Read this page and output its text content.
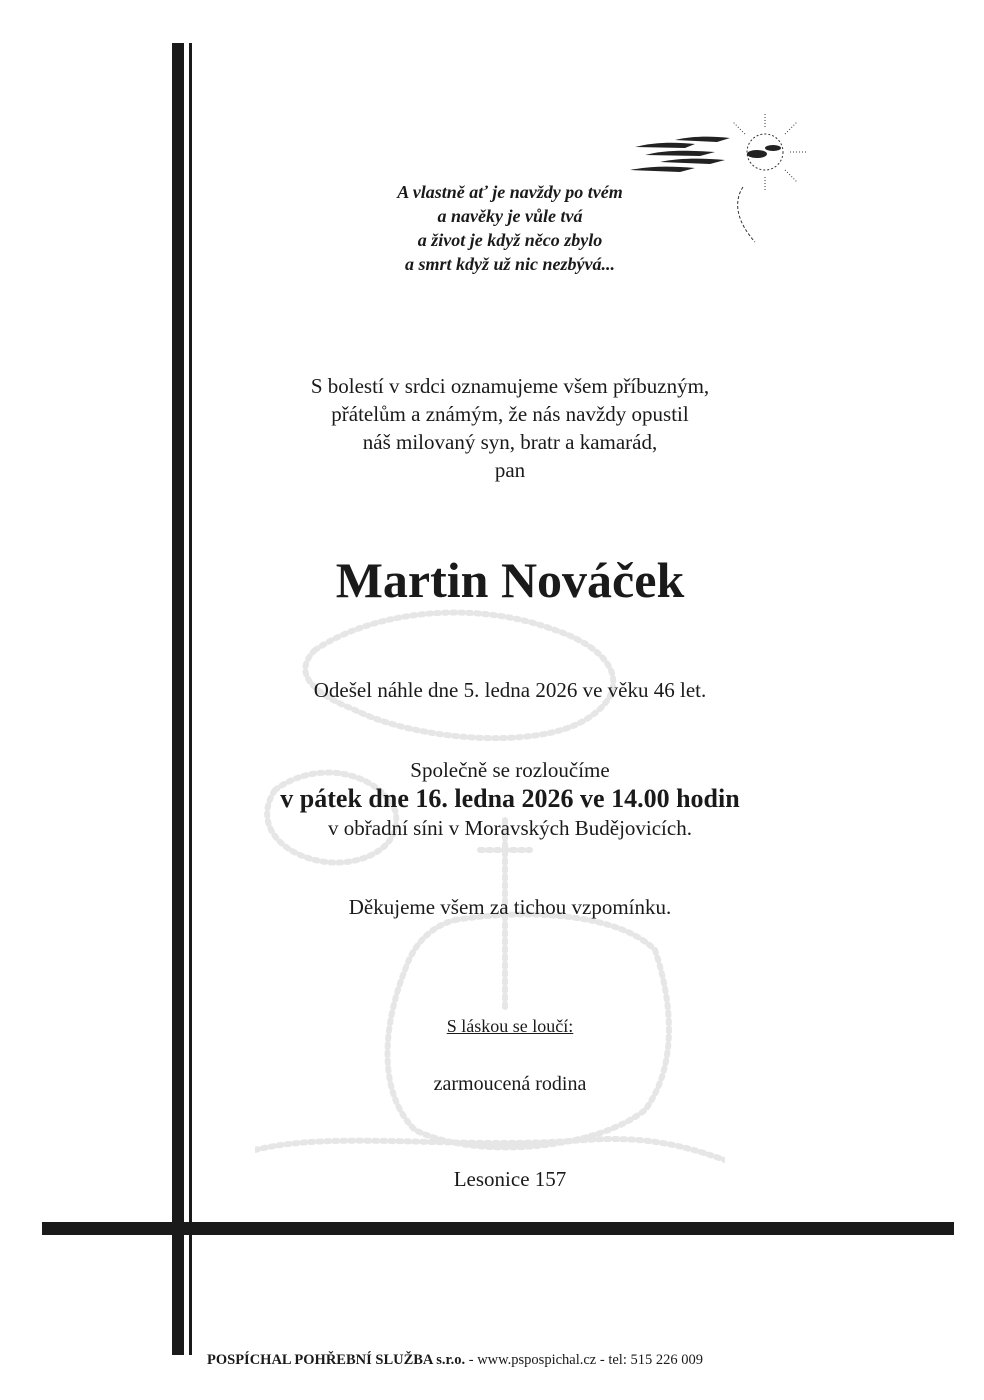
A vlastně ať je navždy po tvém
a navěky je vůle tvá
a život je když něco zbylo
a smrt když už nic nezbývá...
S bolestí v srdci oznamujeme všem příbuzným,
přátelům a známým, že nás navždy opustil
náš milovaný syn, bratr a kamarád,
pan
Martin Nováček
Odešel náhle dne 5. ledna 2026 ve věku 46 let.
Společně se rozloučíme
v pátek dne 16. ledna 2026 ve 14.00 hodin
v obřadní síni v Moravských Budějovicích.
Děkujeme všem za tichou vzpomínku.
S láskou se loučí:
zarmoucená rodina
Lesonice 157
POSPÍCHAL POHŘEBNÍ SLUŽBA s.r.o. - www.pspospichal.cz - tel: 515 226 009
